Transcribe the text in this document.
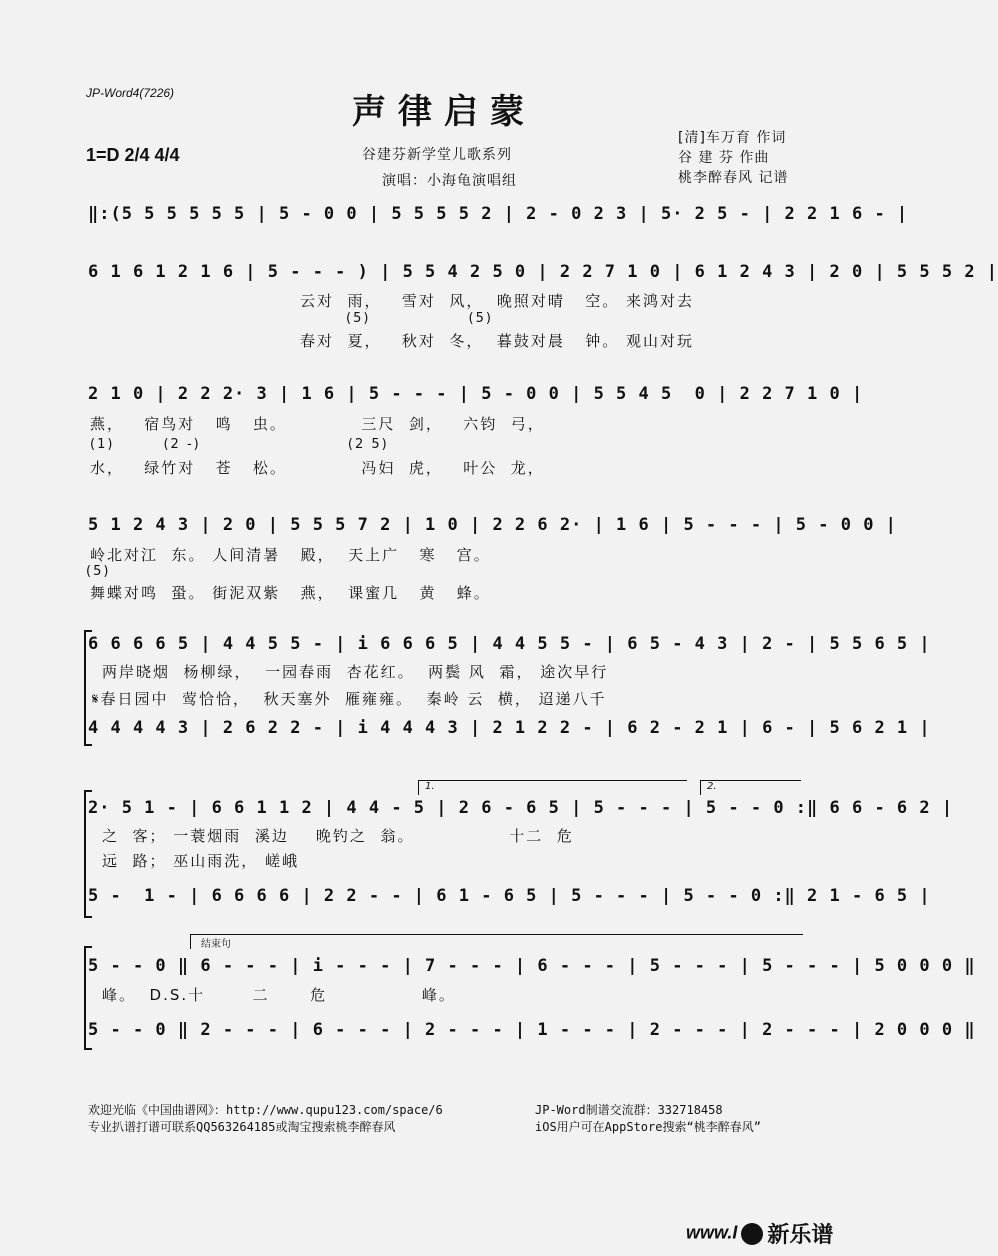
JP-Word4(7226)	声律启蒙
1=D 2/4 4/4	谷建芬新学堂儿歌系列
演唱：小海龟演唱组
[清]车万育 作词
谷 建 芬 作曲
桃李醉春风 记谱
‖:(5 5 5 5 5 5 | 5 - 0 0 | 5 5 5 5 2 | 2 - 0 2 3 | 5· 2 5 - | 2 2 1 6 - |
6 1 6 1 2 1 6 | 5 - - - ) | 5 5 4 2 5 0 | 2 2 7 1 0 | 6 1 2 4 3 | 2 0 | 5 5 5 2 |
云对  雨，   雪对  风，  晚照对晴   空。 来鸿对去
(5)                (5)
春对  夏，   秋对  冬，  暮鼓对晨   钟。 观山对玩
2 1 0 | 2 2 2· 3 | 1 6 | 5 - - - | 5 - 0 0 | 5 5 4 5  0 | 2 2 7 1 0 |
燕，   宿鸟对   鸣   虫。           三尺  剑，   六钧  弓，
(1)        (2 -)                        (2 5)
水，   绿竹对   苍   松。           冯妇  虎，   叶公  龙，
5 1 2 4 3 | 2 0 | 5 5 5 7 2 | 1 0 | 2 2 6 2· | 1 6 | 5 - - - | 5 - 0 0 |
岭北对江  东。 人间清暑   殿，  天上广   寒   宫。
(5)
舞蝶对鸣  蛩。 街泥双紫   燕，  课蜜几   黄   蜂。
6 6 6 6 5 | 4 4 5 5 - | i 6 6 6 5 | 4 4 5 5 - | 6 5 - 4 3 | 2 - | 5 5 6 5 |
两岸晓烟  杨柳绿，  一园春雨  杏花红。  两鬓 风  霜， 途次早行
𝄋春日园中  莺恰恰，  秋天塞外  雁雍雍。  秦岭 云  横， 迢递八千
4 4 4 4 3 | 2 6 2 2 - | i 4 4 4 3 | 2 1 2 2 - | 6 2 - 2 1 | 6 - | 5 6 2 1 |
1.	2.
2· 5 1 - | 6 6 1 1 2 | 4 4 - 5 | 2 6 - 6 5 | 5 - - - | 5 - - 0 :‖ 6 6 - 6 2 |
之  客； 一蓑烟雨  溪边    晚钓之  翁。              十二  危
远  路； 巫山雨洗， 嵯峨
5 -  1 - | 6 6 6 6 | 2 2 - - | 6 1 - 6 5 | 5 - - - | 5 - - 0 :‖ 2 1 - 6 5 |
结束句
5 - - 0 ‖ 6 - - - | i - - - | 7 - - - | 6 - - - | 5 - - - | 5 - - - | 5 0 0 0 ‖
峰。  D.S.十       二      危              峰。
5 - - 0 ‖ 2 - - - | 6 - - - | 2 - - - | 1 - - - | 2 - - - | 2 - - - | 2 0 0 0 ‖
欢迎光临《中国曲谱网》：http://www.qupu123.com/space/6
专业扒谱打谱可联系QQ563264185或淘宝搜索桃李醉春风
JP-Word制谱交流群：332718458
iOS用户可在AppStore搜索“桃李醉春风”
www.I 新乐谱
